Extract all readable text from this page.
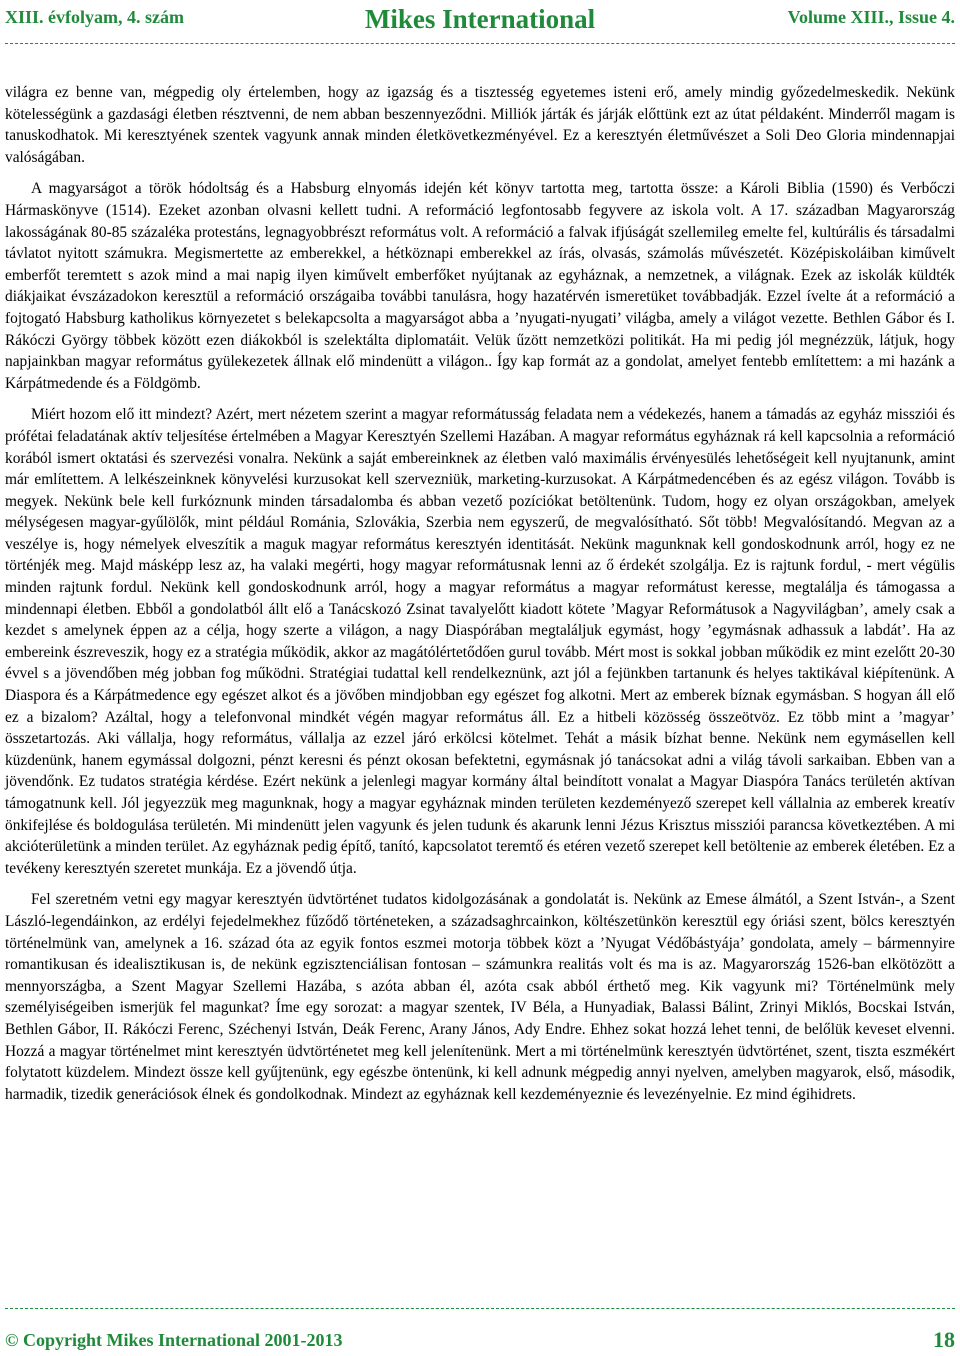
XIII. évfolyam, 4. szám	Mikes International	Volume XIII., Issue 4.

világra ez benne van, mégpedig oly értelemben, hogy az igazság és a tisztesség egyetemes isteni erő, amely mindig győzedelmeskedik. Nekünk kötelességünk a gazdasági életben résztvenni, de nem abban beszennyeződni. Milliók járták és járják előttünk ezt az útat példaként. Minderről magam is tanuskodhatok. Mi keresztyének szentek vagyunk annak minden életkövetkezményével. Ez a keresztyén életművészet a Soli Deo Gloria mindennapjai valóságában.

A magyarságot a török hódoltság és a Habsburg elnyomás idején két könyv tartotta meg, tartotta össze: a Károli Biblia (1590) és Verbőczi Hármaskönyve (1514). Ezeket azonban olvasni kellett tudni. A reformáció legfontosabb fegyvere az iskola volt. A 17. században Magyarország lakosságának 80-85 százaléka protestáns, legnagyobbrészt református volt. A reformáció a falvak ifjúságát szellemileg emelte fel, kultúrális és társadalmi távlatot nyitott számukra. Megismertette az emberekkel, a hétköznapi emberekkel az írás, olvasás, számolás művészetét. Középiskoláiban kiművelt emberfőt teremtett s azok mind a mai napig ilyen kiművelt emberfőket nyújtanak az egyháznak, a nemzetnek, a világnak. Ezek az iskolák küldték diákjaikat évszázadokon keresztül a reformáció országaiba további tanulásra, hogy hazatérvén ismeretüket továbbadják. Ezzel ívelte át a reformáció a fojtogató Habsburg katholikus környezetet s belekapcsolta a magyarságot abba a ’nyugati-nyugati’ világba, amely a világot vezette. Bethlen Gábor és I. Rákóczi György többek között ezen diákokból is szelektálta diplomatáit. Velük űzött nemzetközi politikát. Ha mi pedig jól megnézzük, látjuk, hogy napjainkban magyar református gyülekezetek állnak elő mindenütt a világon.. Így kap formát az a gondolat, amelyet fentebb említettem: a mi hazánk a Kárpátmedende és a Földgömb.

Miért hozom elő itt mindezt? Azért, mert nézetem szerint a magyar reformátusság feladata nem a védekezés, hanem a támadás az egyház missziói és prófétai feladatának aktív teljesítése értelmében a Magyar Keresztyén Szellemi Hazában. A magyar református egyháznak rá kell kapcsolnia a reformáció korából ismert oktatási és szervezési vonalra. Nekünk a saját embereinknek az életben való maximális érvényesülés lehetőségeit kell nyujtanunk, amint már említettem. A lelkészeinknek könyvelési kurzusokat kell szervezniük, marketing-kurzusokat. A Kárpátmedencében és az egész világon. Tovább is megyek. Nekünk bele kell furkóznunk minden társadalomba és abban vezető pozíciókat betöltenünk. Tudom, hogy ez olyan országokban, amelyek mélységesen magyar-gyűlölők, mint például Románia, Szlovákia, Szerbia nem egyszerű, de megvalósítható. Sőt több! Megvalósítandó. Megvan az a veszélye is, hogy némelyek elveszítik a maguk magyar református keresztyén identitását. Nekünk magunknak kell gondoskodnunk arról, hogy ez ne történjék meg. Majd másképp lesz az, ha valaki megérti, hogy magyar reformátusnak lenni az ő érdekét szolgálja. Ez is rajtunk fordul, - mert végülis minden rajtunk fordul. Nekünk kell gondoskodnunk arról, hogy a magyar református a magyar reformátust keresse, megtalálja és támogassa a mindennapi életben. Ebből a gondolatból állt elő a Tanácskozó Zsinat tavalyelőtt kiadott kötete ’Magyar Reformátusok a Nagyvilágban’, amely csak a kezdet s amelynek éppen az a célja, hogy szerte a világon, a nagy Diaspórában megtaláljuk egymást, hogy ’egymásnak adhassuk a labdát’. Ha az embereink észreveszik, hogy ez a stratégia működik, akkor az magátólértetődően gurul tovább. Mért most is sokkal jobban működik ez mint ezelőtt 20-30 évvel s a jövendőben még jobban fog működni. Stratégiai tudattal kell rendelkeznünk, azt jól a fejünkben tartanunk és helyes taktikával kiépítenünk. A Diaspora és a Kárpátmedence egy egészet alkot és a jövőben mindjobban egy egészet fog alkotni. Mert az emberek bíznak egymásban. S hogyan áll elő ez a bizalom? Azáltal, hogy a telefonvonal mindkét végén magyar református áll. Ez a hitbeli közösség összeötvöz. Ez több mint a ’magyar’ összetartozás. Aki vállalja, hogy református, vállalja az ezzel járó erkölcsi kötelmet. Tehát a másik bízhat benne. Nekünk nem egymásellen kell küzdenünk, hanem egymással dolgozni, pénzt keresni és pénzt okosan befektetni, egymásnak jó tanácsokat adni a világ távoli sarkaiban. Ebben van a jövendőnk. Ez tudatos stratégia kérdése. Ezért nekünk a jelenlegi magyar kormány által beindított vonalat a Magyar Diaspóra Tanács területén aktívan támogatnunk kell. Jól jegyezzük meg magunknak, hogy a magyar egyháznak minden területen kezdeményező szerepet kell vállalnia az emberek kreatív önkifejlése és boldogulása területén. Mi mindenütt jelen vagyunk és jelen tudunk és akarunk lenni Jézus Krisztus missziói parancsa következtében. A mi akcióterületünk a minden terület. Az egyháznak pedig építő, tanító, kapcsolatot teremtő és etéren vezető szerepet kell betöltenie az emberek életében. Ez a tevékeny keresztyén szeretet munkája. Ez a jövendő útja.

Fel szeretném vetni egy magyar keresztyén üdvtörténet tudatos kidolgozásának a gondolatát is. Nekünk az Emese álmától, a Szent István-, a Szent László-legendáinkon, az erdélyi fejedelmekhez fűződő történeteken, a századsaghrcainkon, költészetünkön keresztül egy óriási szent, bölcs keresztyén történelmünk van, amelynek a 16. század óta az egyik fontos eszmei motorja többek közt a ’Nyugat Védőbástyája’ gondolata, amely – bármennyire romantikusan és idealisztikusan is, de nekünk egzisztenciálisan fontosan – számunkra realitás volt és ma is az. Magyarország 1526-ban elkötözött a mennyországba, a Szent Magyar Szellemi Hazába, s azóta abban él, azóta csak abból érthető meg. Kik vagyunk mi? Történelmünk mely személyiségeiben ismerjük fel magunkat? Íme egy sorozat: a magyar szentek, IV Béla, a Hunyadiak, Balassi Bálint, Zrinyi Miklós, Bocskai István, Bethlen Gábor, II. Rákóczi Ferenc, Széchenyi István, Deák Ferenc, Arany János, Ady Endre. Ehhez sokat hozzá lehet tenni, de belőlük keveset elvenni. Hozzá a magyar történelmet mint keresztyén üdvtörténetet meg kell jelenítenünk. Mert a mi történelmünk keresztyén üdvtörténet, szent, tiszta eszmékért folytatott küzdelem. Mindezt össze kell gyűjtenünk, egy egészbe öntenünk, ki kell adnunk mégpedig annyi nyelven, amelyben magyarok, első, második, harmadik, tizedik generációsok élnek és gondolkodnak. Mindezt az egyháznak kell kezdeményeznie és levezényelnie. Ez mind égihidrets.

© Copyright Mikes International 2001-2013	18
